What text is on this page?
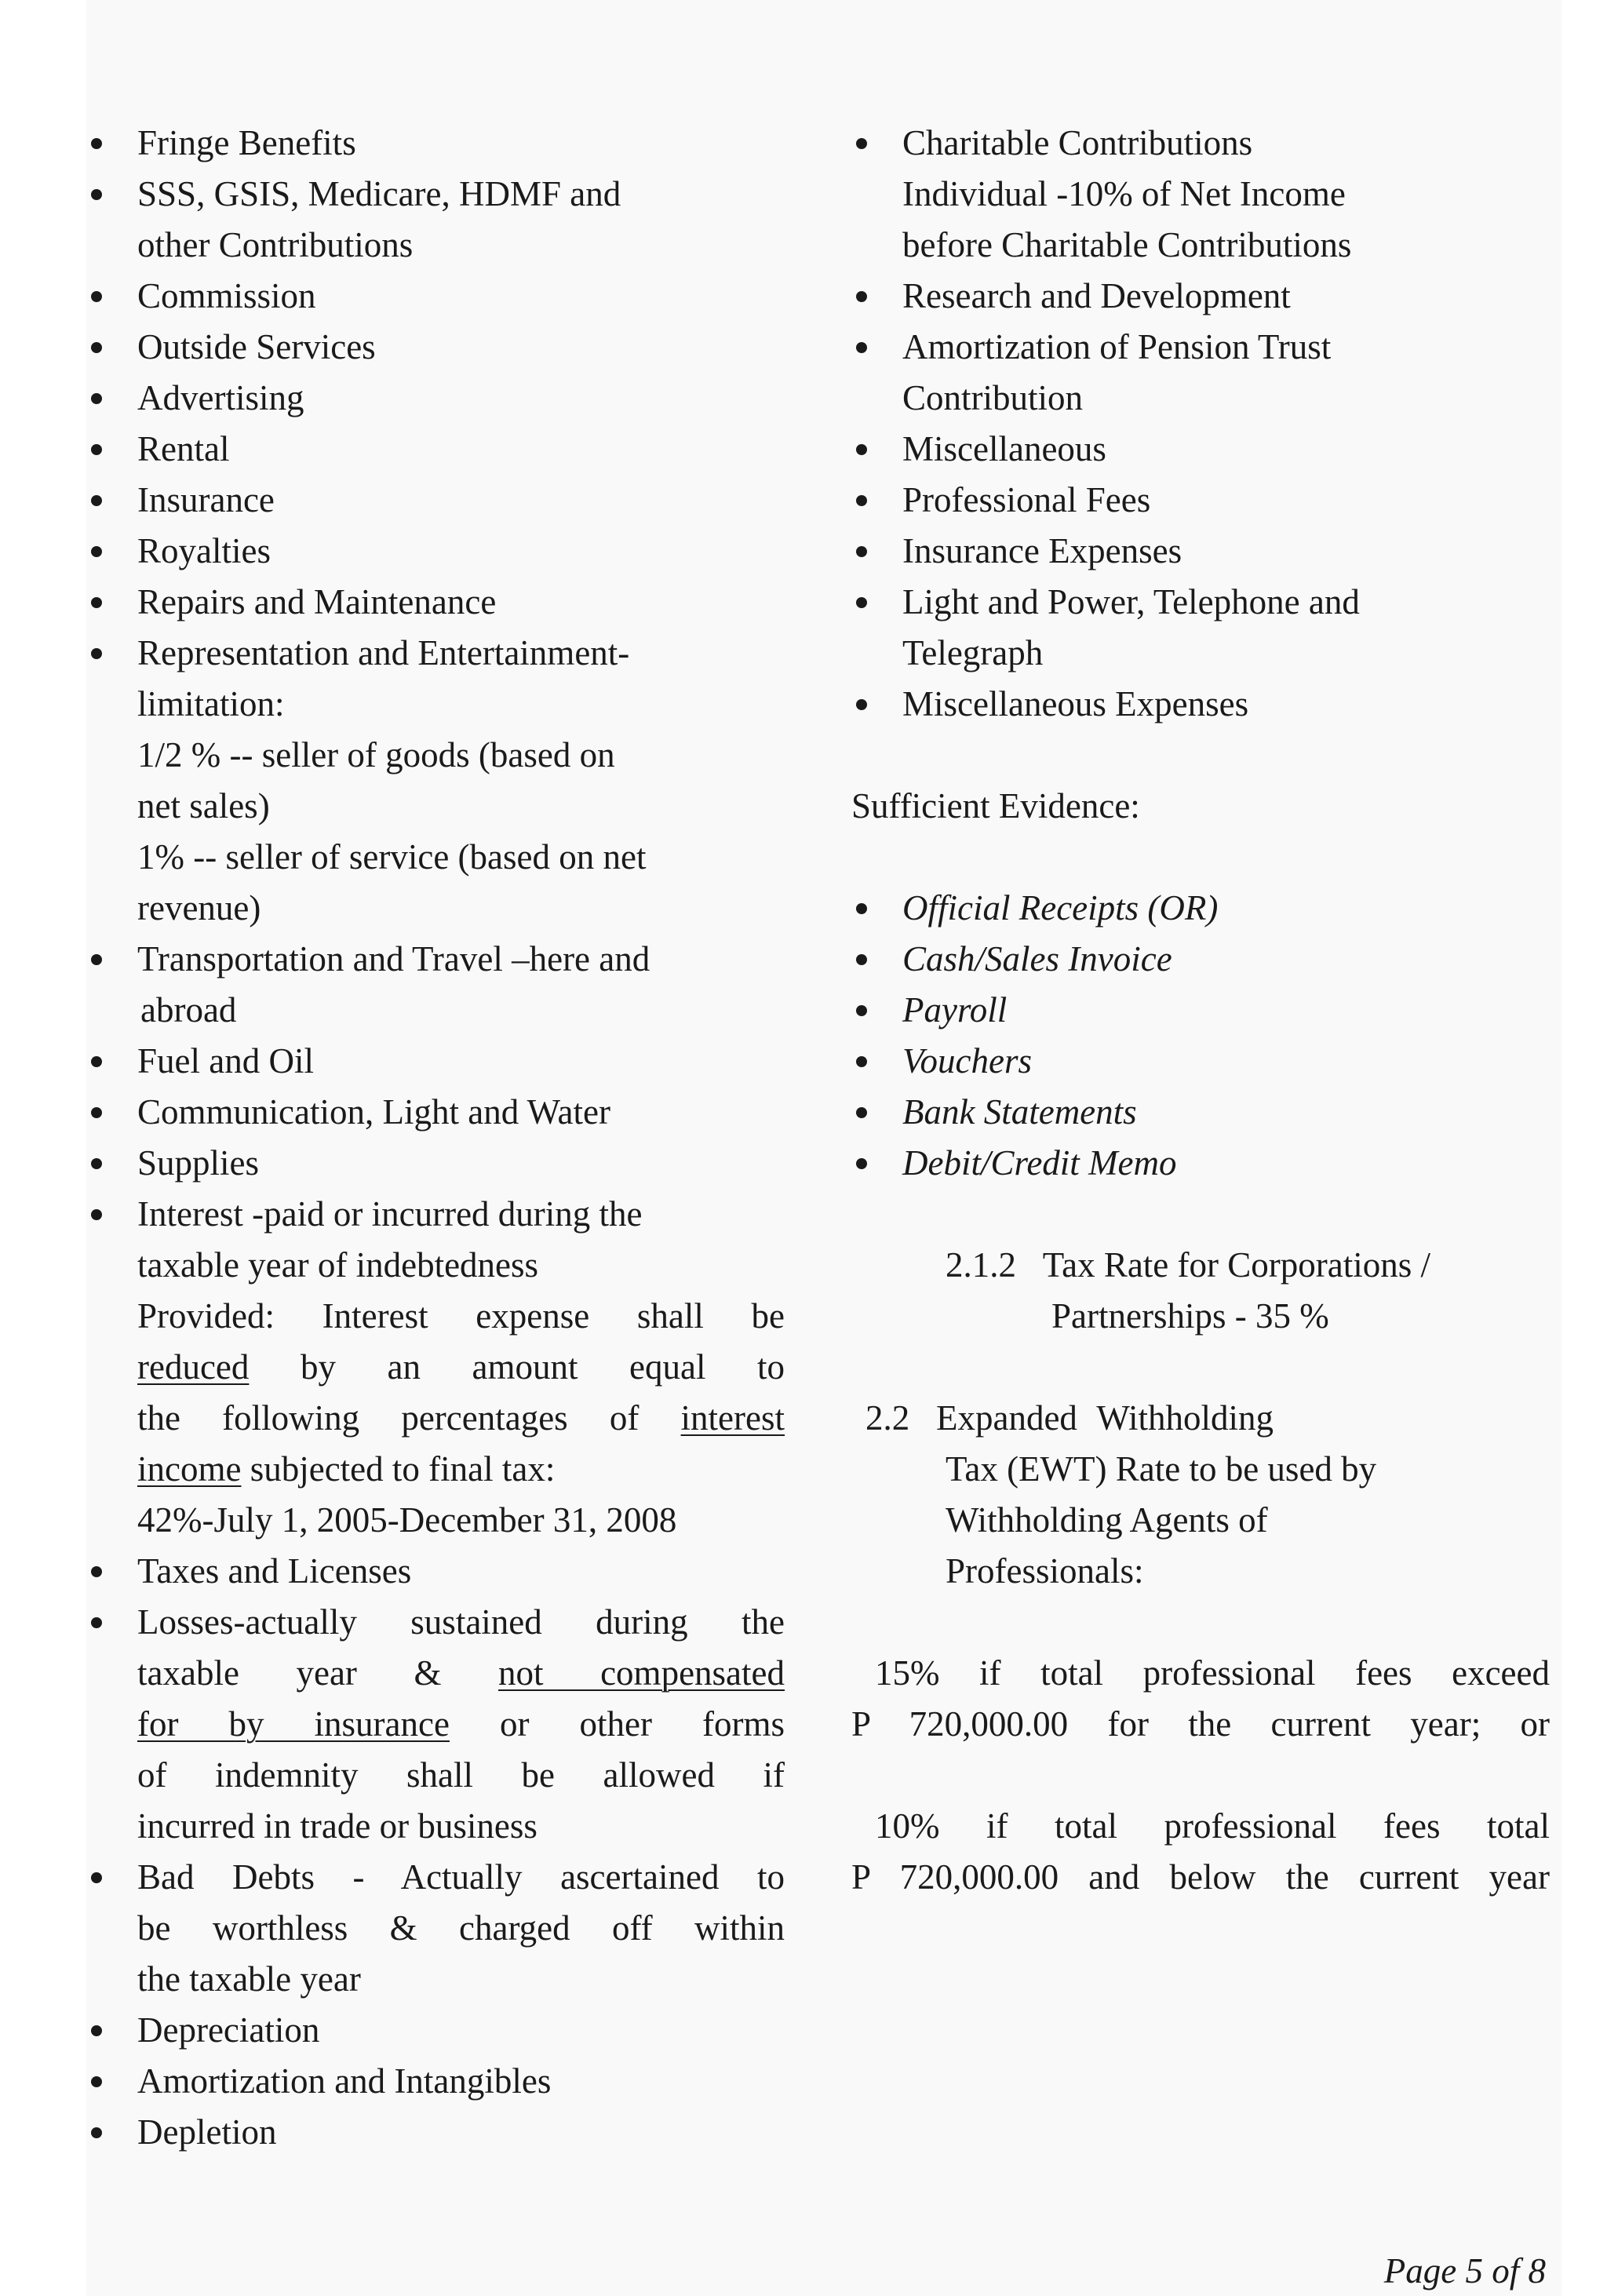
Fringe Benefits
SSS, GSIS, Medicare, HDMF and
other Contributions
Commission
Outside Services
Advertising
Rental
Insurance
Royalties
Repairs and Maintenance
Representation and Entertainment-
limitation:
1/2 % -- seller of goods (based on
net sales)
1% -- seller of service (based on net
revenue)
Transportation and Travel –here and
abroad
Fuel and Oil
Communication, Light and Water
Supplies
Interest -paid or incurred during the
taxable year of indebtedness
Provided: Interest expense shall be
reduced by an amount equal to
the following percentages of interest
income subjected to final tax:
42%-July 1, 2005-December 31, 2008
Taxes and Licenses
Losses-actually sustained during the
taxable year & not compensated
for by insurance or other forms
of indemnity shall be allowed if
incurred in trade or business
Bad Debts - Actually ascertained to
be worthless & charged off within
the taxable year
Depreciation
Amortization and Intangibles
Depletion
Charitable Contributions
Individual -10% of Net Income
before Charitable Contributions
Research and Development
Amortization of Pension Trust
Contribution
Miscellaneous
Professional Fees
Insurance Expenses
Light and Power, Telephone and
Telegraph
Miscellaneous Expenses
Sufficient Evidence:
Official Receipts (OR)
Cash/Sales Invoice
Payroll
Vouchers
Bank Statements
Debit/Credit Memo
2.1.2 Tax Rate for Corporations /
Partnerships - 35 %
2.2 Expanded Withholding
Tax (EWT) Rate to be used by
Withholding Agents of
Professionals:
15% if total professional fees exceed
P 720,000.00 for the current year; or
10% if total professional fees total
P 720,000.00 and below the current year
Page 5 of 8
